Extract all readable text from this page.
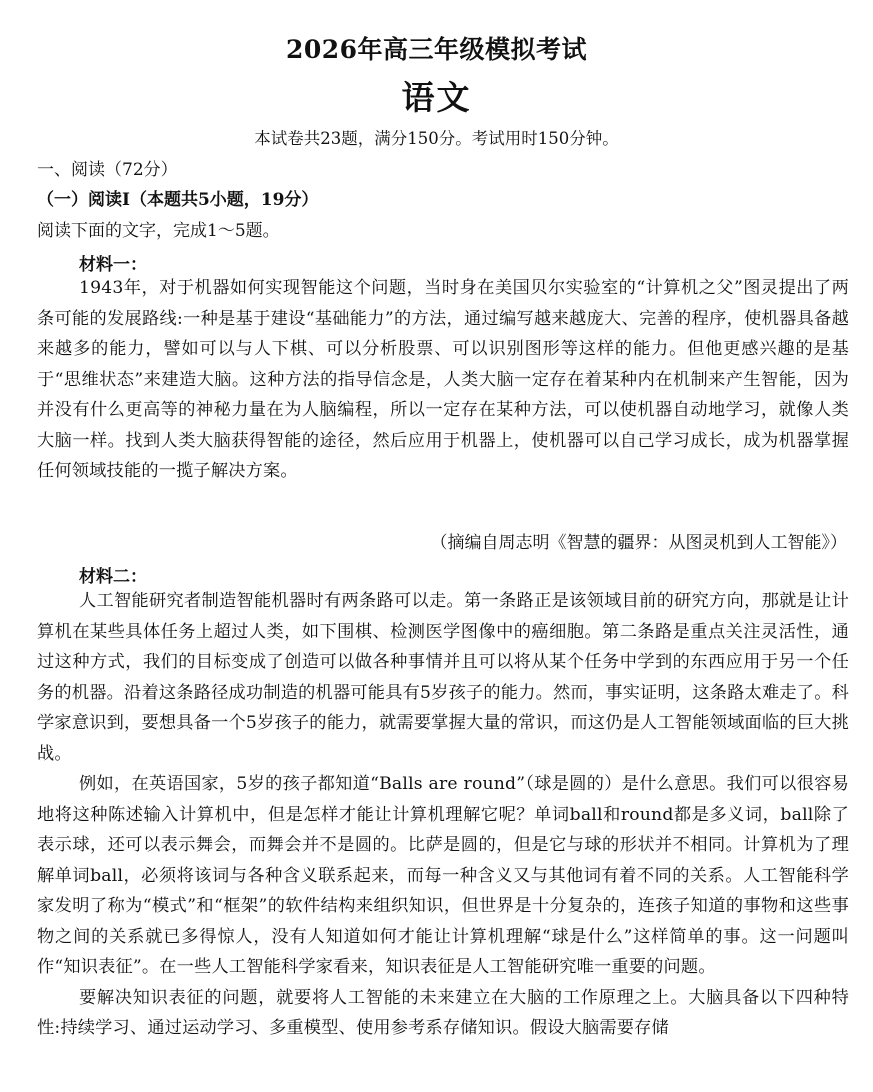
2026年高三年级模拟考试
语文
本试卷共23题，满分150分。考试用时150分钟。
一、阅读（72分）
（一）阅读Ⅰ（本题共5小题，19分）
阅读下面的文字，完成1～5题。
材料一：

1943年，对于机器如何实现智能这个问题，当时身在美国贝尔实验室的“计算机之父”图灵提出了两条可能的发展路线:一种是基于建设“基础能力”的方法，通过编写越来越庞大、完善的程序，使机器具备越来越多的能力，譬如可以与人下棋、可以分析股票、可以识别图形等这样的能力。但他更感兴趣的是基于“思维状态”来建造大脑。这种方法的指导信念是，人类大脑一定存在着某种内在机制来产生智能，因为并没有什么更高等的神秘力量在为人脑编程，所以一定存在某种方法，可以使机器自动地学习，就像人类大脑一样。找到人类大脑获得智能的途径，然后应用于机器上，使机器可以自己学习成长，成为机器掌握任何领域技能的一揽子解决方案。

（摘编自周志明《智慧的疆界：从图灵机到人工智能》）
材料二：

人工智能研究者制造智能机器时有两条路可以走。第一条路正是该领域目前的研究方向，那就是让计算机在某些具体任务上超过人类，如下围棋、检测医学图像中的癌细胞。第二条路是重点关注灵活性，通过这种方式，我们的目标变成了创造可以做各种事情并且可以将从某个任务中学到的东西应用于另一个任务的机器。沿着这条路径成功制造的机器可能具有5岁孩子的能力。然而，事实证明，这条路太难走了。科学家意识到，要想具备一个5岁孩子的能力，就需要掌握大量的常识，而这仍是人工智能领域面临的巨大挑战。

例如，在英语国家，5岁的孩子都知道“Balls are round”（球是圆的）是什么意思。我们可以很容易地将这种陈述输入计算机中，但是怎样才能让计算机理解它呢？单词ball和round都是多义词，ball除了表示球，还可以表示舞会，而舞会并不是圆的。比萨是圆的，但是它与球的形状并不相同。计算机为了理解单词ball，必须将该词与各种含义联系起来，而每一种含义又与其他词有着不同的关系。人工智能科学家发明了称为“模式”和“框架”的软件结构来组织知识，但世界是十分复杂的，连孩子知道的事物和这些事物之间的关系就已多得惊人，没有人知道如何才能让计算机理解“球是什么”这样简单的事。这一问题叫作“知识表征”。在一些人工智能科学家看来，知识表征是人工智能研究唯一重要的问题。

要解决知识表征的问题，就要将人工智能的未来建立在大脑的工作原理之上。大脑具备以下四种特性:持续学习、通过运动学习、多重模型、使用参考系存储知识。假设大脑需要存储
